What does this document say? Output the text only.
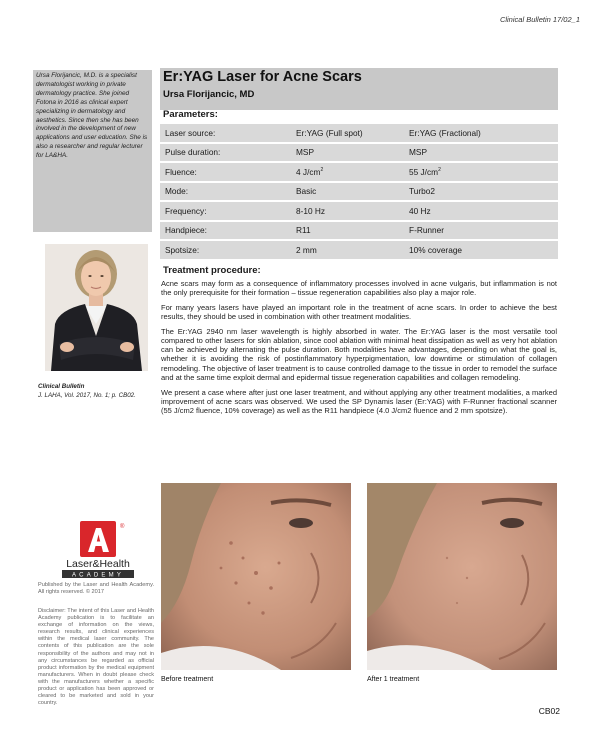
Clinical Bulletin 17/02_1
Ursa Florijancic, M.D. is a specialist dermatologist working in private dermatology practice. She joined Fotona in 2016 as clinical expert specializing in dermatology and aesthetics. Since then she has been involved in the development of new applications and user education. She is also a researcher and regular lecturer for LA&HA.
Clinical Bulletin
J. LAHA, Vol. 2017, No. 1; p. CB02.
®
Laser&Health
ACADEMY
Published by the Laser and Health Academy. All rights reserved. © 2017
Disclaimer: The intent of this Laser and Health Academy publication is to facilitate an exchange of information on the views, research results, and clinical experiences within the medical laser community. The contents of this publication are the sole responsibility of the authors and may not in any circumstances be regarded as official product information by the medical equipment manufacturers. When in doubt please check with the manufacturers whether a specific product or application has been approved or cleared to be marketed and sold in your country.
Er:YAG Laser for Acne Scars
Ursa Florijancic, MD
Parameters:
Laser source:	Er:YAG (Full spot)	Er:YAG (Fractional)
Pulse duration:	MSP	MSP
Fluence:	4 $J/cm^2$	55 $J/cm^2$
Mode:	Basic	Turbo2
Frequency:	8-10 Hz	40 Hz
Handpiece:	R11	F-Runner
Spotsize:	2 mm	10% coverage
Treatment procedure:

Acne scars may form as a consequence of inflammatory processes involved in acne vulgaris, but inflammation is not the only prerequisite for their formation – tissue regeneration capabilities also play a major role.

For many years lasers have played an important role in the treatment of acne scars. In order to achieve the best results, they should be used in combination with other treatment modalities.

The Er:YAG 2940 nm laser wavelength is highly absorbed in water. The Er:YAG laser is the most versatile tool compared to other lasers for skin ablation, since cool ablation with minimal heat dissipation as well as very hot ablation can be achieved by alternating the pulse duration. Both modalities have advantages, depending on what the goal is, whether it is avoiding the risk of postinflammatory hyperpigmentation, low downtime or stimulation of collagen remodeling. The objective of laser treatment is to cause controlled damage to the tissue in order to remodel the surface and at the same time exploit dermal and epidermal tissue regeneration capabilities and collagen remodeling.

We present a case where after just one laser treatment, and without applying any other treatment modalities, a marked improvement of acne scars was observed. We used the SP Dynamis laser (Er:YAG) with F-Runner fractional scanner (55 J/cm2 fluence, 10% coverage) as well as the R11 handpiece (4.0 J/cm2 fluence and 2 mm spotsize).

Before treatment	After 1 treatment
CB02
